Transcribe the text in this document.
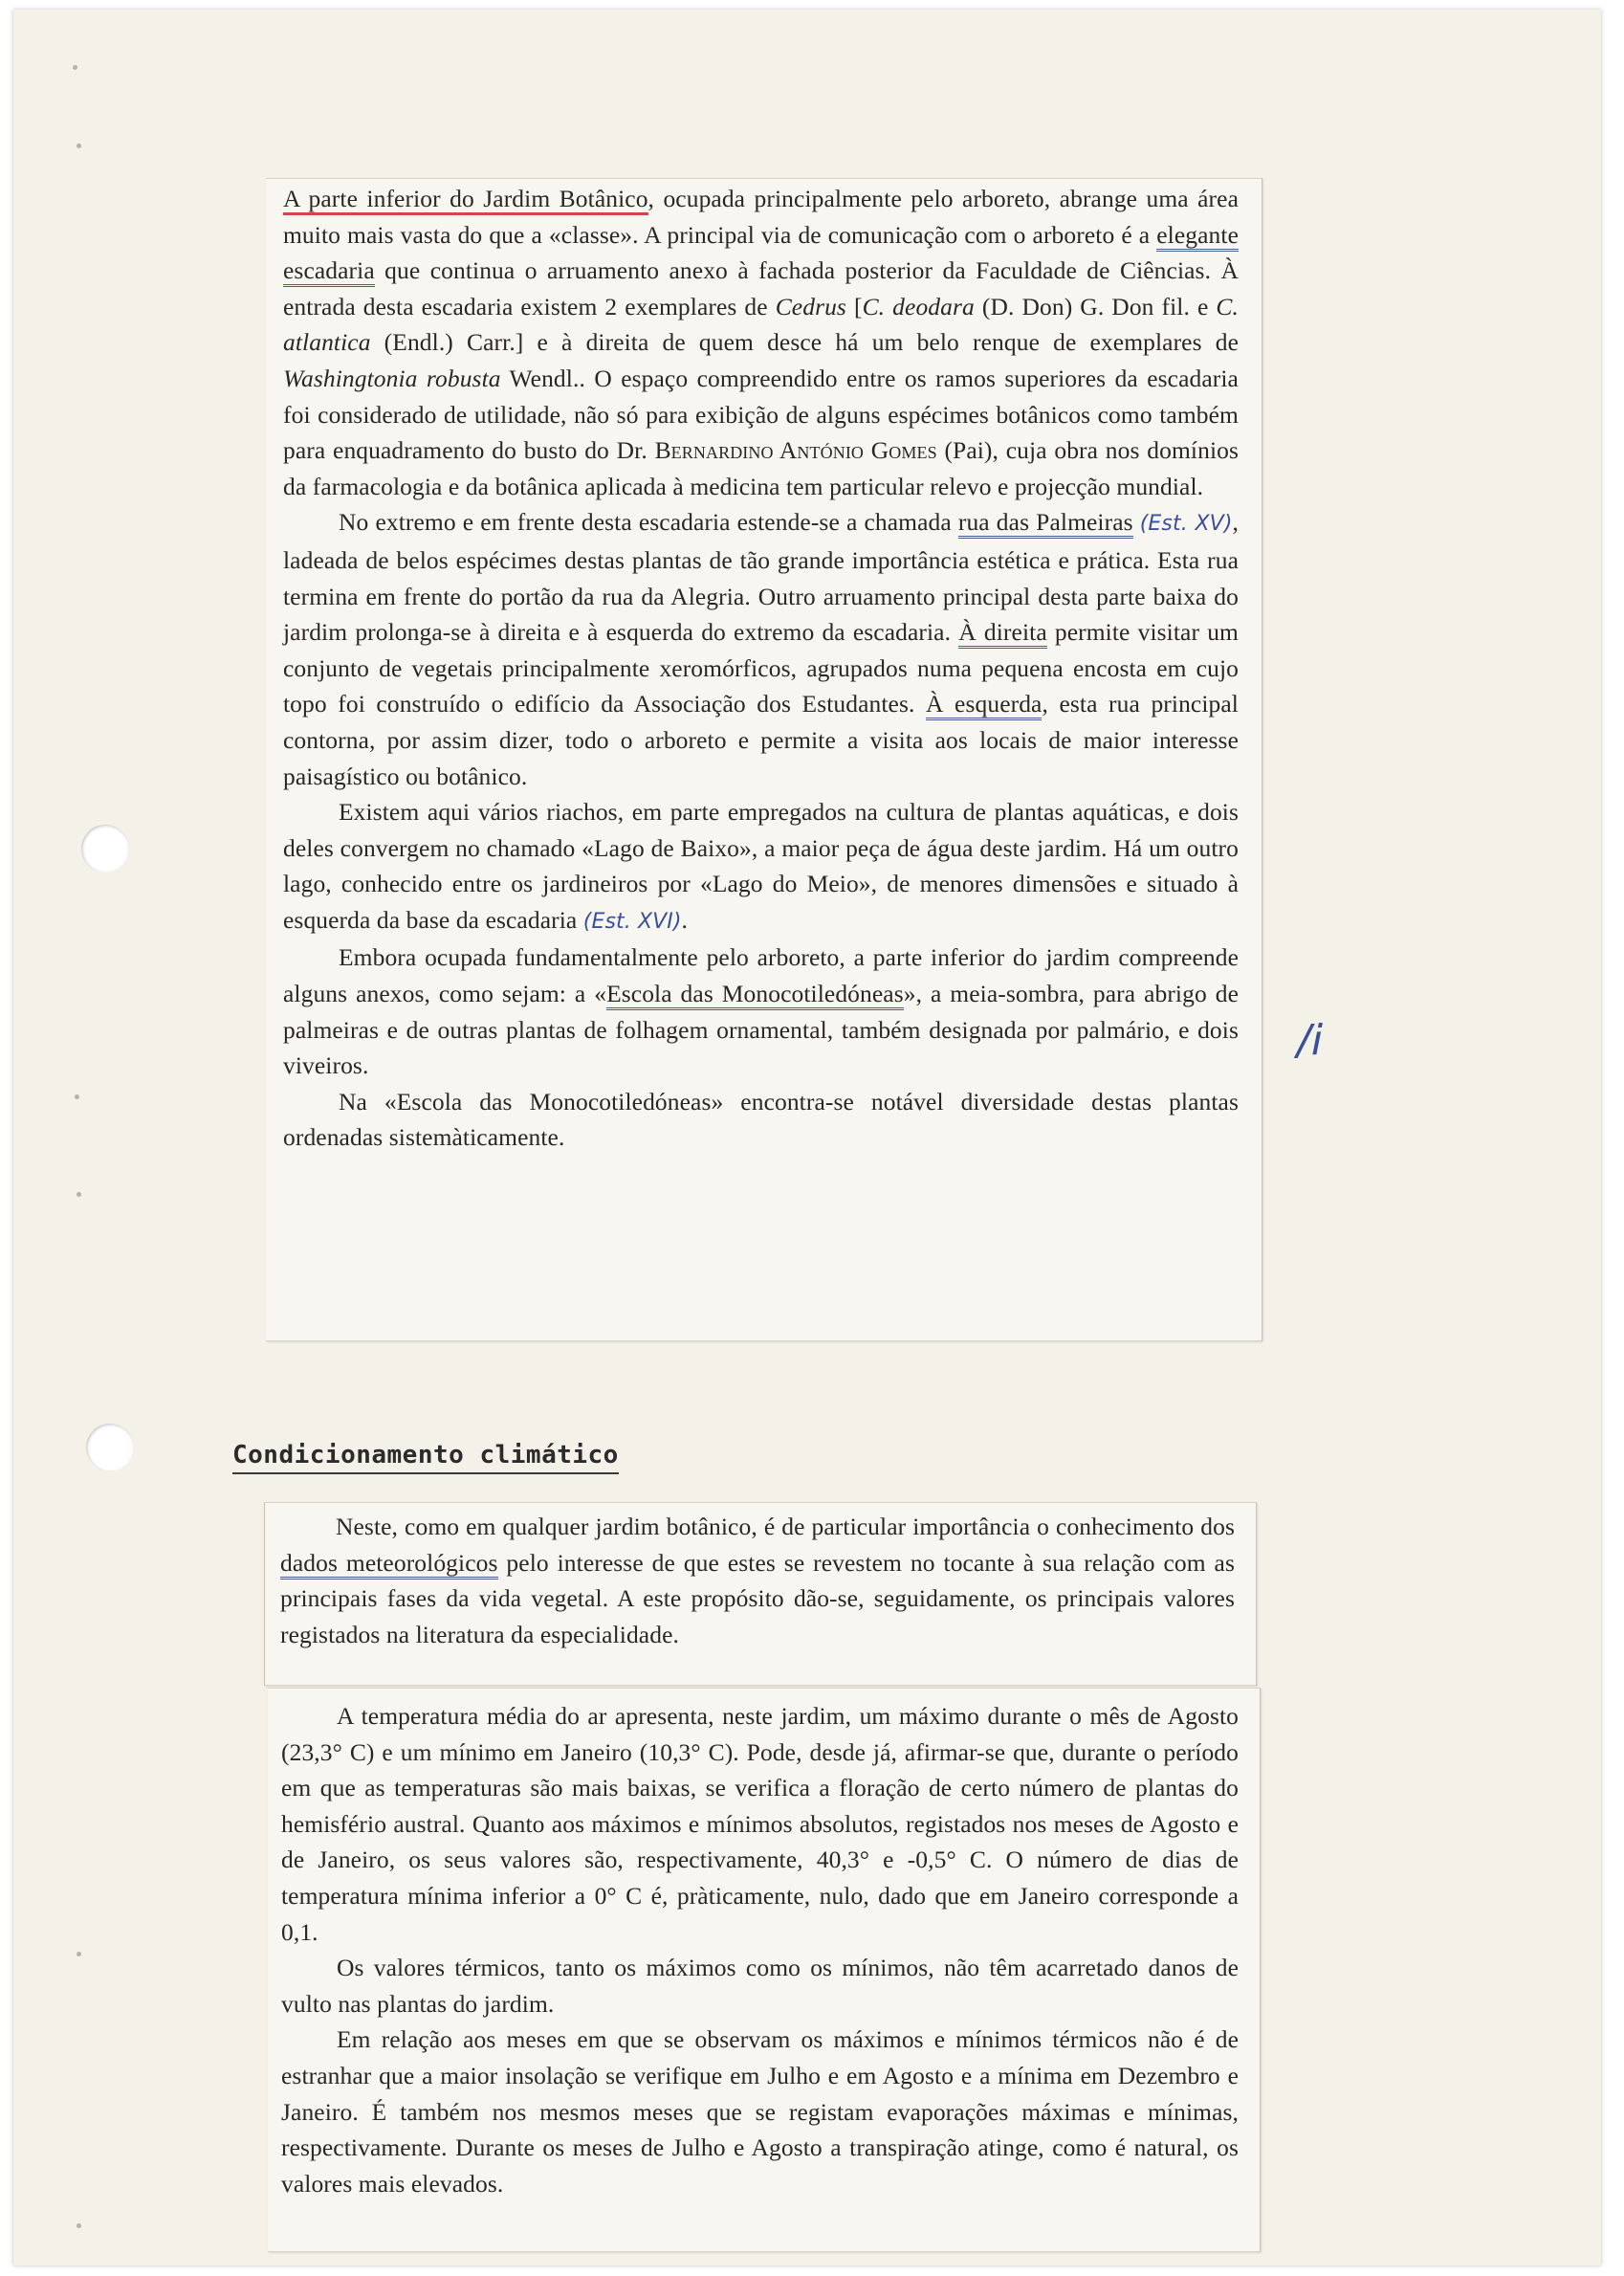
A parte inferior do Jardim Botânico, ocupada principalmente pelo arboreto, abrange uma área muito mais vasta do que a «classe». A principal via de comunicação com o arboreto é a elegante escadaria que continua o arruamento anexo à fachada posterior da Faculdade de Ciências. À entrada desta escadaria existem 2 exemplares de Cedrus [C. deodara (D. Don) G. Don fil. e C. atlantica (Endl.) Carr.] e à direita de quem desce há um belo renque de exemplares de Washingtonia robusta Wendl.. O espaço compreendido entre os ramos superiores da escadaria foi considerado de utilidade, não só para exibição de alguns espécimes botânicos como também para enquadramento do busto do Dr. Bernardino António Gomes (Pai), cuja obra nos domínios da farmacologia e da botânica aplicada à medicina tem particular relevo e projecção mundial.

No extremo e em frente desta escadaria estende-se a chamada rua das Palmeiras (Est. XV), ladeada de belos espécimes destas plantas de tão grande importância estética e prática. Esta rua termina em frente do portão da rua da Alegria. Outro arruamento principal desta parte baixa do jardim prolonga-se à direita e à esquerda do extremo da escadaria. À direita permite visitar um conjunto de vegetais principalmente xeromórficos, agrupados numa pequena encosta em cujo topo foi construído o edifício da Associação dos Estudantes. À esquerda, esta rua principal contorna, por assim dizer, todo o arboreto e permite a visita aos locais de maior interesse paisagístico ou botânico.

Existem aqui vários riachos, em parte empregados na cultura de plantas aquáticas, e dois deles convergem no chamado «Lago de Baixo», a maior peça de água deste jardim. Há um outro lago, conhecido entre os jardineiros por «Lago do Meio», de menores dimensões e situado à esquerda da base da escadaria (Est. XVI).

Embora ocupada fundamentalmente pelo arboreto, a parte inferior do jardim compreende alguns anexos, como sejam: a «Escola das Monocotiledóneas», a meia-sombra, para abrigo de palmeiras e de outras plantas de folhagem ornamental, também designada por palmário, e dois viveiros.

Na «Escola das Monocotiledóneas» encontra-se notável diversidade destas plantas ordenadas sistemàticamente.

/i
Condicionamento climático

Neste, como em qualquer jardim botânico, é de particular importância o conhecimento dos dados meteorológicos pelo interesse de que estes se revestem no tocante à sua relação com as principais fases da vida vegetal. A este propósito dão-se, seguidamente, os principais valores registados na literatura da especialidade.

A temperatura média do ar apresenta, neste jardim, um máximo durante o mês de Agosto (23,3° C) e um mínimo em Janeiro (10,3° C). Pode, desde já, afirmar-se que, durante o período em que as temperaturas são mais baixas, se verifica a floração de certo número de plantas do hemisfério austral. Quanto aos máximos e mínimos absolutos, registados nos meses de Agosto e de Janeiro, os seus valores são, respectivamente, 40,3° e -0,5° C. O número de dias de temperatura mínima inferior a 0° C é, pràticamente, nulo, dado que em Janeiro corresponde a 0,1.

Os valores térmicos, tanto os máximos como os mínimos, não têm acarretado danos de vulto nas plantas do jardim.

Em relação aos meses em que se observam os máximos e mínimos térmicos não é de estranhar que a maior insolação se verifique em Julho e em Agosto e a mínima em Dezembro e Janeiro. É também nos mesmos meses que se registam evaporações máximas e mínimas, respectivamente. Durante os meses de Julho e Agosto a transpiração atinge, como é natural, os valores mais elevados.
